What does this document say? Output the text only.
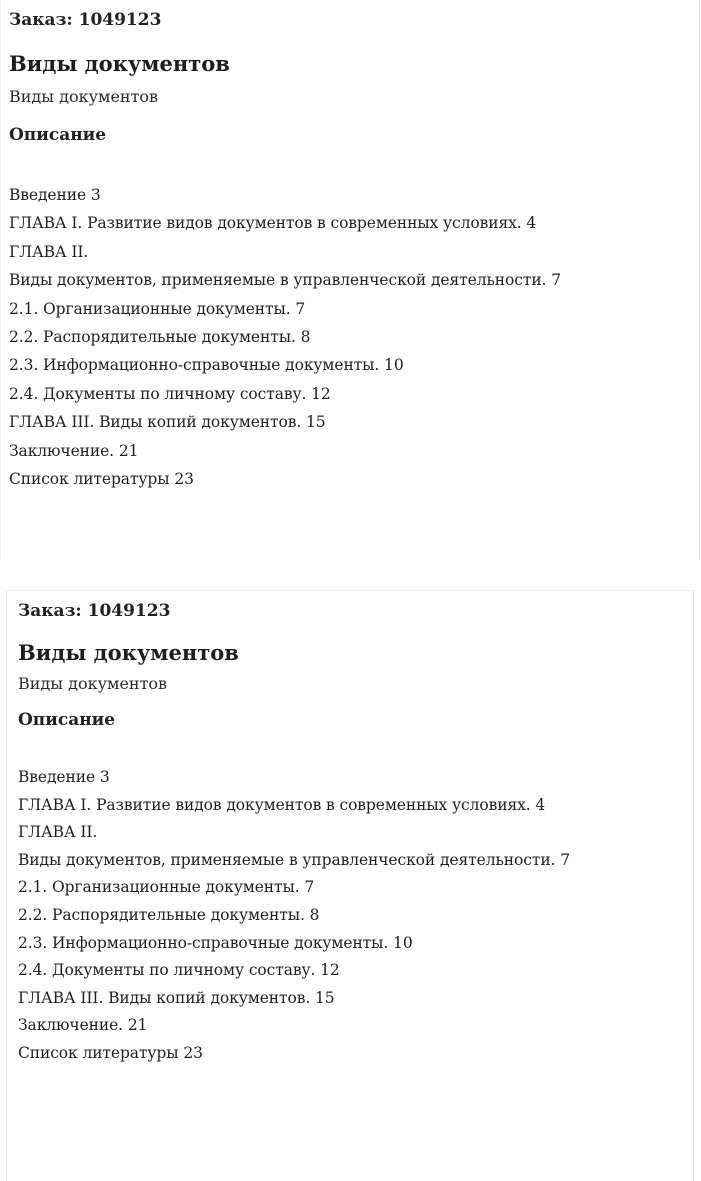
Заказ: 1049123
Виды документов
Виды документов
Описание
Введение 3
ГЛАВА I. Развитие видов документов в современных условиях. 4
ГЛАВА II.
Виды документов, применяемые в управленческой деятельности. 7
2.1. Организационные документы. 7
2.2. Распорядительные документы. 8
2.3. Информационно-справочные документы. 10
2.4. Документы по личному составу. 12
ГЛАВА III. Виды копий документов. 15
Заключение. 21
Список литературы 23
Заказ: 1049123
Виды документов
Виды документов
Описание
Введение 3
ГЛАВА I. Развитие видов документов в современных условиях. 4
ГЛАВА II.
Виды документов, применяемые в управленческой деятельности. 7
2.1. Организационные документы. 7
2.2. Распорядительные документы. 8
2.3. Информационно-справочные документы. 10
2.4. Документы по личному составу. 12
ГЛАВА III. Виды копий документов. 15
Заключение. 21
Список литературы 23
